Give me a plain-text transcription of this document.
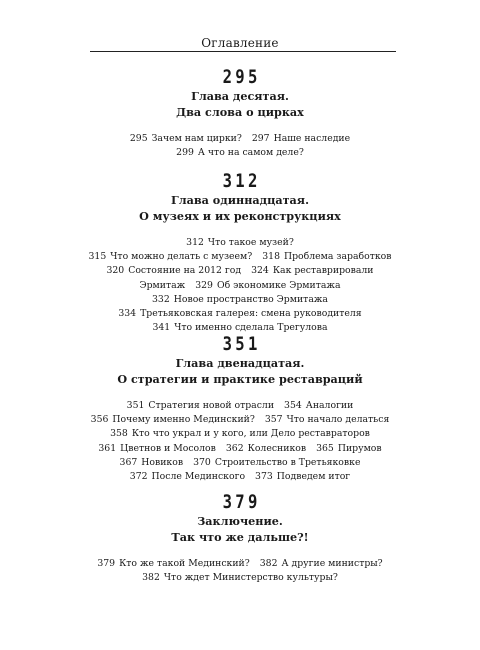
Оглавление
295
Глава десятая.
Два слова о цирках
295 Зачем нам цирки? 297 Наше наследие
299 А что на самом деле?
312
Глава одиннадцатая.
О музеях и их реконструкциях
312 Что такое музей?
315 Что можно делать с музеем? 318 Проблема заработков
320 Состояние на 2012 год 324 Как реставрировали
Эрмитаж 329 Об экономике Эрмитажа
332 Новое пространство Эрмитажа
334 Третьяковская галерея: смена руководителя
341 Что именно сделала Трегулова
351
Глава двенадцатая.
О стратегии и практике реставраций
351 Стратегия новой отрасли 354 Аналогии
356 Почему именно Мединский? 357 Что начало делаться
358 Кто что украл и у кого, или Дело реставраторов
361 Цветнов и Мосолов 362 Колесников 365 Пирумов
367 Новиков 370 Строительство в Третьяковке
372 После Мединского 373 Подведем итог
379
Заключение.
Так что же дальше?!
379 Кто же такой Мединский? 382 А другие министры?
382 Что ждет Министерство культуры?
